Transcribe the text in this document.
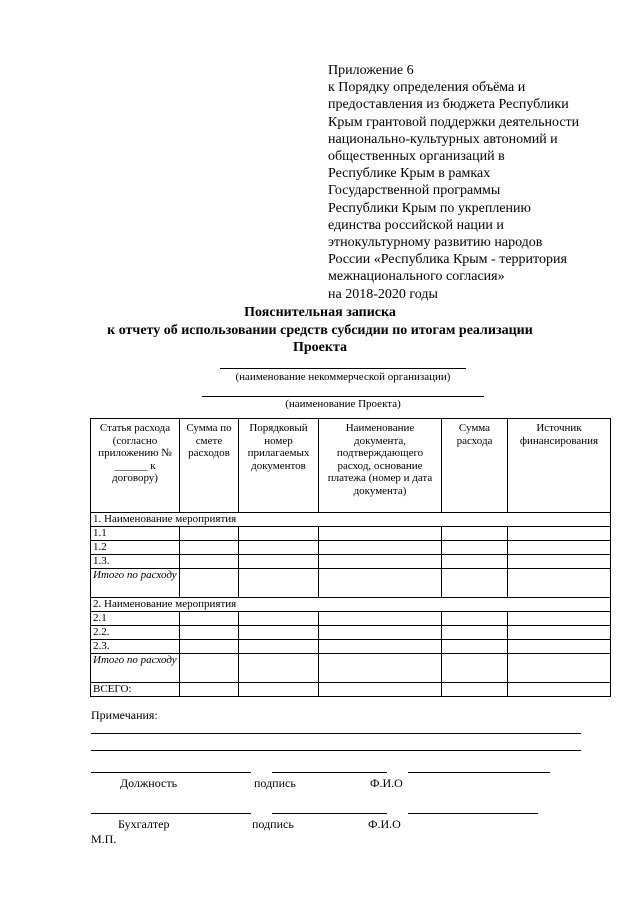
Приложение 6
к Порядку определения объёма и
предоставления из бюджета Республики
Крым грантовой поддержки деятельности
национально-культурных автономий и
общественных организаций в
Республике Крым в рамках
Государственной программы
Республики Крым по укреплению
единства российской нации и
этнокультурному развитию народов
России «Республика Крым - территория
межнационального согласия»
на 2018-2020 годы
Пояснительная записка
к отчету об использовании средств субсидии по итогам реализации
Проекта
(наименование некоммерческой организации)
(наименование Проекта)
Статья расхода (согласно приложению № ______ к договору)	Сумма по смете расходов	Порядковый номер прилагаемых документов	Наименование документа, подтверждающего расход, основание платежа (номер и дата документа)	Сумма расхода	Источник финансирования
1. Наименование мероприятия					
1.1					
1.2					
1.3.					
Итого по расходу					
2. Наименование мероприятия					
2.1					
2.2.					
2.3.					
Итого по расходу					
ВСЕГО:					
Примечания:
Должность	подпись	Ф.И.О
Бухгалтер	подпись	Ф.И.О
М.П.
